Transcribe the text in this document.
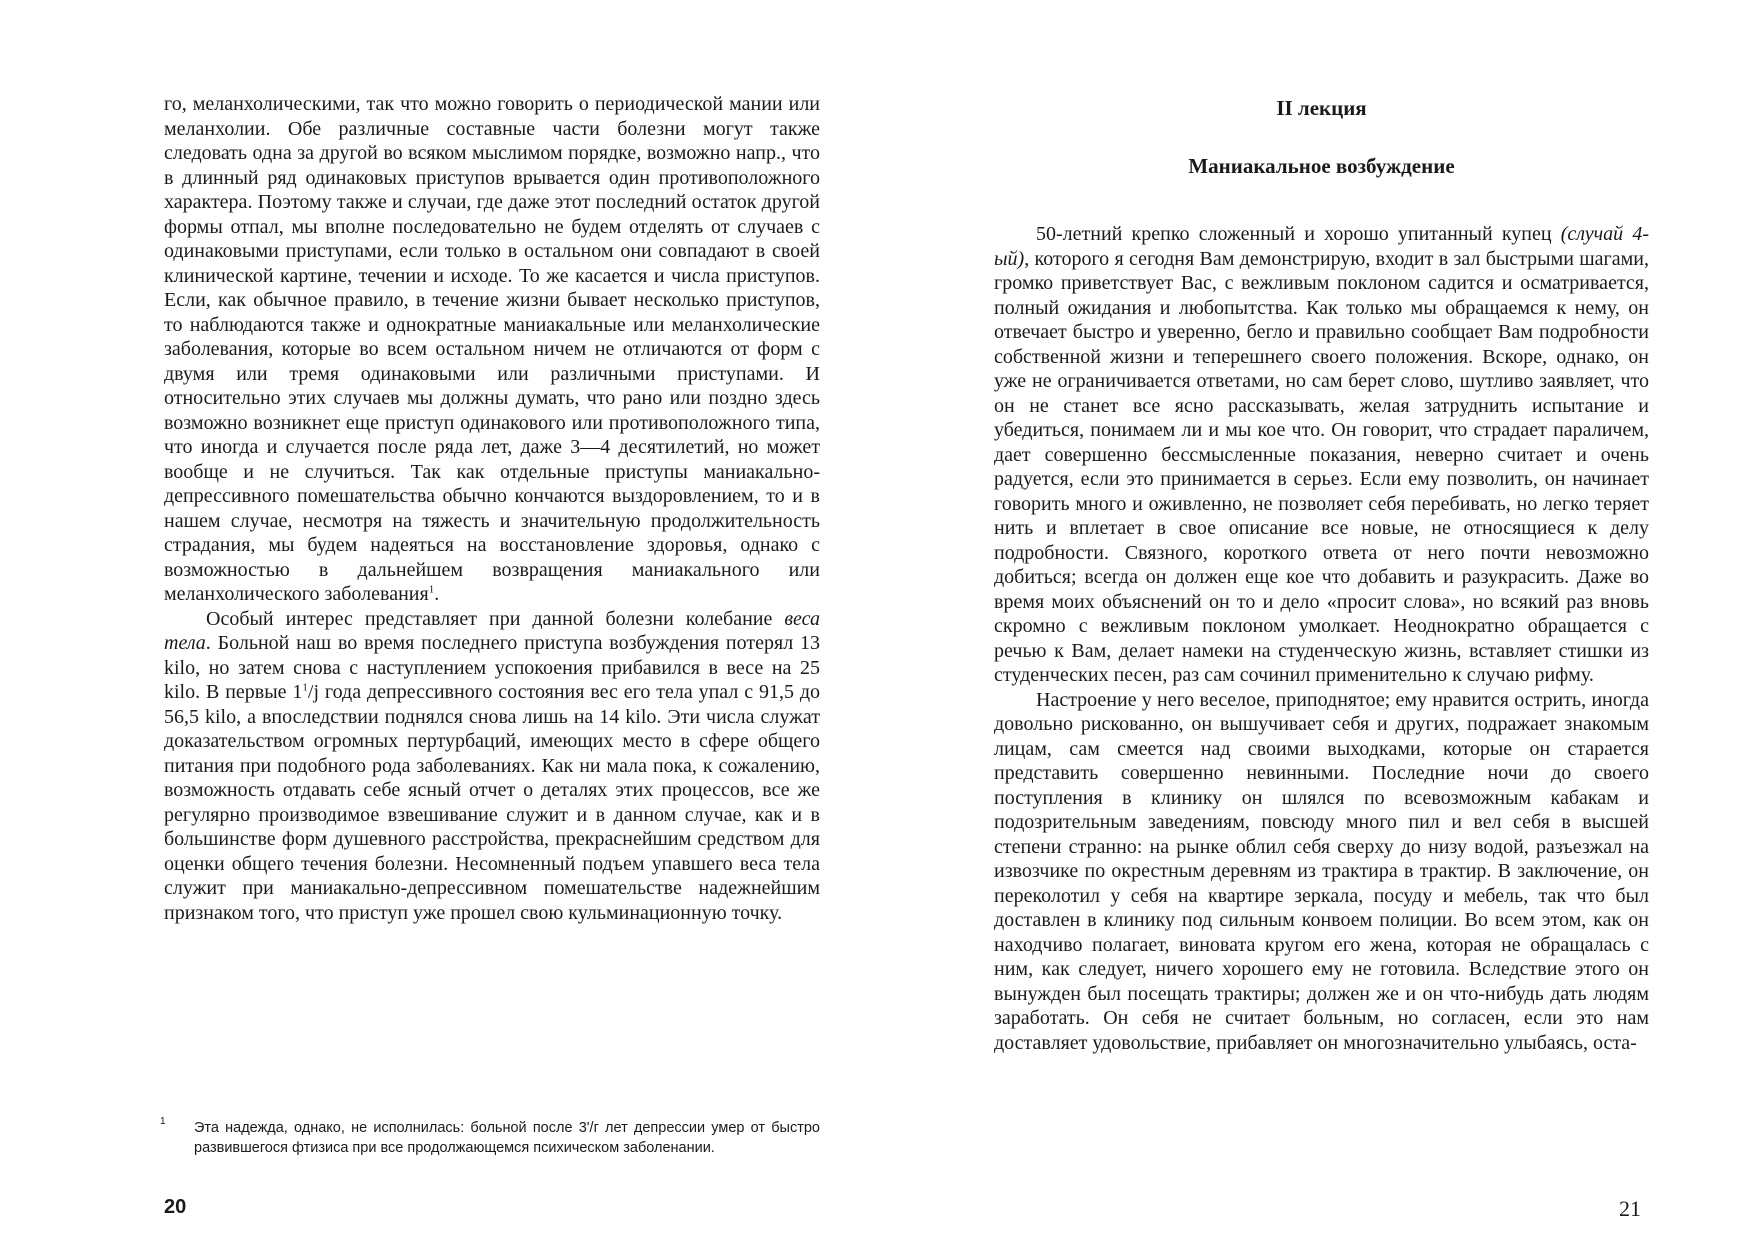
го, меланхолическими, так что можно говорить о периодической мании или меланхолии. Обе различные составные части болезни могут также следовать одна за другой во всяком мыслимом порядке, возможно напр., что в длинный ряд одинаковых приступов врывается один противоположного характера. Поэтому также и случаи, где даже этот последний остаток другой формы отпал, мы вполне последовательно не будем отделять от случаев с одинаковыми приступами, если только в остальном они совпадают в своей клинической картине, течении и исходе. То же касается и числа приступов. Если, как обычное правило, в течение жизни бывает несколько приступов, то наблюдаются также и однократные маниакальные или меланхолические заболевания, которые во всем остальном ничем не отличаются от форм с двумя или тремя одинаковыми или различными приступами. И относительно этих случаев мы должны думать, что рано или поздно здесь возможно возникнет еще приступ одинакового или противоположного типа, что иногда и случается после ряда лет, даже 3—4 десятилетий, но может вообще и не случиться. Так как отдельные приступы маниакально-депрессивного помешательства обычно кончаются выздоровлением, то и в нашем случае, несмотря на тяжесть и значительную продолжительность страдания, мы будем надеяться на восстановление здоровья, однако с возможностью в дальнейшем возвращения маниакального или меланхолического заболевания$^1$.

Особый интерес представляет при данной болезни колебание веса тела. Больной наш во время последнего приступа возбуждения потерял 13 kilo, но затем снова с наступлением успокоения прибавился в весе на 25 kilo. В первые $1^1/j$ года депрессивного состояния вес его тела упал с 91,5 до 56,5 kilo, а впоследствии поднялся снова лишь на 14 kilo. Эти числа служат доказательством огромных пертурбаций, имеющих место в сфере общего питания при подобного рода заболеваниях. Как ни мала пока, к сожалению, возможность отдавать себе ясный отчет о деталях этих процессов, все же регулярно производимое взвешивание служит и в данном случае, как и в большинстве форм душевного расстройства, прекраснейшим средством для оценки общего течения болезни. Несомненный подъем упавшего веса тела служит при маниакально-депрессивном помешательстве надежнейшим признаком того, что приступ уже прошел свою кульминационную точку.

1	Эта надежда, однако, не исполнилась: больной после 3'/г лет депрессии умер от быстро развившегося фтизиса при все продолжающемся психическом заболенании.
20
II лекция
Маниакальное возбуждение

50-летний крепко сложенный и хорошо упитанный купец (случай 4-ый), которого я сегодня Вам демонстрирую, входит в зал быстрыми шагами, громко приветствует Вас, с вежливым поклоном садится и осматривается, полный ожидания и любопытства. Как только мы обращаемся к нему, он отвечает быстро и уверенно, бегло и правильно сообщает Вам подробности собственной жизни и теперешнего своего положения. Вскоре, однако, он уже не ограничивается ответами, но сам берет слово, шутливо заявляет, что он не станет все ясно рассказывать, желая затруднить испытание и убедиться, понимаем ли и мы кое что. Он говорит, что страдает параличем, дает совершенно бессмысленные показания, неверно считает и очень радуется, если это принимается в серьез. Если ему позволить, он начинает говорить много и оживленно, не позволяет себя перебивать, но легко теряет нить и вплетает в свое описание все новые, не относящиеся к делу подробности. Связного, короткого ответа от него почти невозможно добиться; всегда он должен еще кое что добавить и разукрасить. Даже во время моих объяснений он то и дело «просит слова», но всякий раз вновь скромно с вежливым поклоном умолкает. Неоднократно обращается с речью к Вам, делает намеки на студенческую жизнь, вставляет стишки из студенческих песен, раз сам сочинил применительно к случаю рифму.

Настроение у него веселое, приподнятое; ему нравится острить, иногда довольно рискованно, он вышучивает себя и других, подражает знакомым лицам, сам смеется над своими выходками, которые он старается представить совершенно невинными. Последние ночи до своего поступления в клинику он шлялся по всевозможным кабакам и подозрительным заведениям, повсюду много пил и вел себя в высшей степени странно: на рынке облил себя сверху до низу водой, разъезжал на извозчике по окрестным деревням из трактира в трактир. В заключение, он переколотил у себя на квартире зеркала, посуду и мебель, так что был доставлен в клинику под сильным конвоем полиции. Во всем этом, как он находчиво полагает, виновата кругом его жена, которая не обращалась с ним, как следует, ничего хорошего ему не готовила. Вследствие этого он вынужден был посещать трактиры; должен же и он что-нибудь дать людям заработать. Он себя не считает больным, но согласен, если это нам доставляет удовольствие, прибавляет он многозначительно улыбаясь, оста-

21
